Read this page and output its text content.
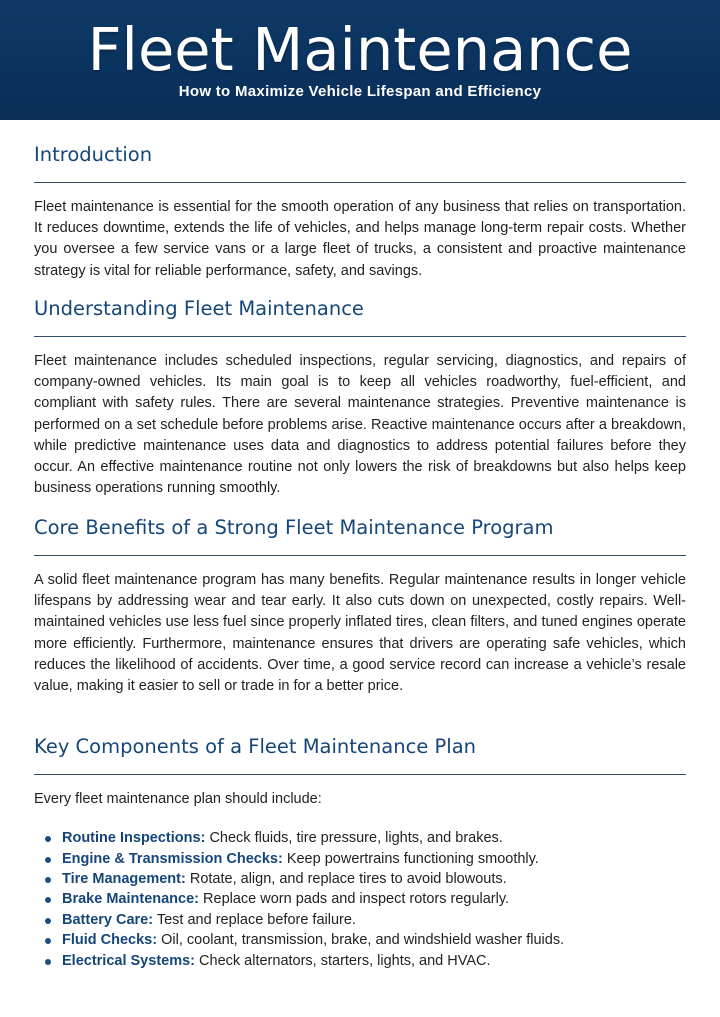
Fleet Maintenance
How to Maximize Vehicle Lifespan and Efficiency
Introduction

Fleet maintenance is essential for the smooth operation of any business that relies on transportation. It reduces downtime, extends the life of vehicles, and helps manage long-term repair costs. Whether you oversee a few service vans or a large fleet of trucks, a consistent and proactive maintenance strategy is vital for reliable performance, safety, and savings.

Understanding Fleet Maintenance

Fleet maintenance includes scheduled inspections, regular servicing, diagnostics, and repairs of company-owned vehicles. Its main goal is to keep all vehicles roadworthy, fuel-efficient, and compliant with safety rules. There are several maintenance strategies. Preventive maintenance is performed on a set schedule before problems arise. Reactive maintenance occurs after a breakdown, while predictive maintenance uses data and diagnostics to address potential failures before they occur. An effective maintenance routine not only lowers the risk of breakdowns but also helps keep business operations running smoothly.

Core Benefits of a Strong Fleet Maintenance Program

A solid fleet maintenance program has many benefits. Regular maintenance results in longer vehicle lifespans by addressing wear and tear early. It also cuts down on unexpected, costly repairs. Well-maintained vehicles use less fuel since properly inflated tires, clean filters, and tuned engines operate more efficiently. Furthermore, maintenance ensures that drivers are operating safe vehicles, which reduces the likelihood of accidents. Over time, a good service record can increase a vehicle’s resale value, making it easier to sell or trade in for a better price.

Key Components of a Fleet Maintenance Plan

Every fleet maintenance plan should include:

Routine Inspections: Check fluids, tire pressure, lights, and brakes.
Engine & Transmission Checks: Keep powertrains functioning smoothly.
Tire Management: Rotate, align, and replace tires to avoid blowouts.
Brake Maintenance: Replace worn pads and inspect rotors regularly.
Battery Care: Test and replace before failure.
Fluid Checks: Oil, coolant, transmission, brake, and windshield washer fluids.
Electrical Systems: Check alternators, starters, lights, and HVAC.
